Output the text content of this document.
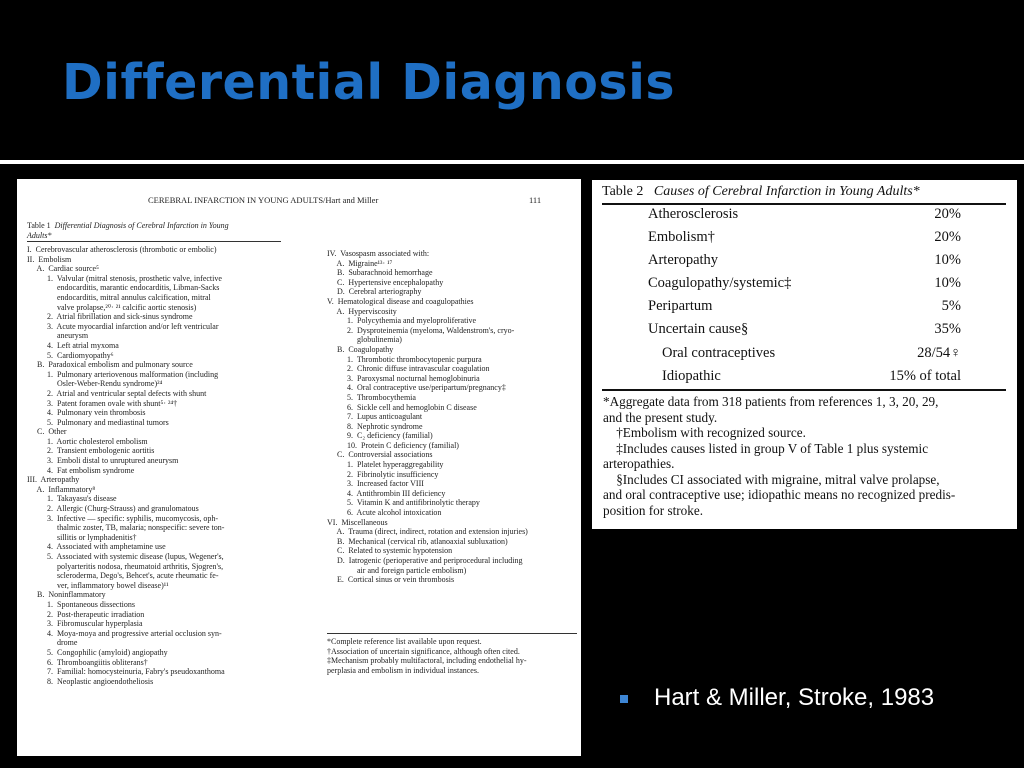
Differential Diagnosis
CEREBRAL INFARCTION IN YOUNG ADULTS/Hart and Miller	111
Table 1 Differential Diagnosis of Cerebral Infarction in Young
Adults*
I.  Cerebrovascular atherosclerosis (thrombotic or embolic)
II.  Embolism
A.  Cardiac source⁵
1.  Valvular (mitral stenosis, prosthetic valve, infective
endocarditis, marantic endocarditis, Libman-Sacks
endocarditis, mitral annulus calcification, mitral
valve prolapse,²⁰· ²¹ calcific aortic stenosis)
2.  Atrial fibrillation and sick-sinus syndrome
3.  Acute myocardial infarction and/or left ventricular
aneurysm
4.  Left atrial myxoma
5.  Cardiomyopathy⁶
B.  Paradoxical embolism and pulmonary source
1.  Pulmonary arteriovenous malformation (including
Osler-Weber-Rendu syndrome)²⁴
2.  Atrial and ventricular septal defects with shunt
3.  Patent foramen ovale with shunt⁵· ²⁴†
4.  Pulmonary vein thrombosis
5.  Pulmonary and mediastinal tumors
C.  Other
1.  Aortic cholesterol embolism
2.  Transient embologenic aortitis
3.  Emboli distal to unruptured aneurysm
4.  Fat embolism syndrome
III.  Arteropathy
A.  Inflammatory⁸
1.  Takayasu's disease
2.  Allergic (Churg-Strauss) and granulomatous
3.  Infective — specific: syphilis, mucomycosis, oph-
thalmic zoster, TB, malaria; nonspecific: severe ton-
sillitis or lymphadenitis†
4.  Associated with amphetamine use
5.  Associated with systemic disease (lupus, Wegener's,
polyarteritis nodosa, rheumatoid arthritis, Sjogren's,
scleroderma, Dego's, Behcet's, acute rheumatic fe-
ver, inflammatory bowel disease)¹¹
B.  Noninflammatory
1.  Spontaneous dissections
2.  Post-therapeutic irradiation
3.  Fibromuscular hyperplasia
4.  Moya-moya and progressive arterial occlusion syn-
drome
5.  Congophilic (amyloid) angiopathy
6.  Thromboangiitis obliterans†
7.  Familial: homocysteinuria, Fabry's pseudoxanthoma
8.  Neoplastic angioendotheliosis
IV.  Vasospasm associated with:
A.  Migraine¹³· ¹⁷
B.  Subarachnoid hemorrhage
C.  Hypertensive encephalopathy
D.  Cerebral arteriography
V.  Hematological disease and coagulopathies
A.  Hyperviscosity
1.  Polycythemia and myeloproliferative
2.  Dysproteinemia (myeloma, Waldenstrom's, cryo-
globulinemia)
B.  Coagulopathy
1.  Thrombotic thrombocytopenic purpura
2.  Chronic diffuse intravascular coagulation
3.  Paroxysmal nocturnal hemoglobinuria
4.  Oral contraceptive use/peripartum/pregnancy‡
5.  Thrombocythemia
6.  Sickle cell and hemoglobin C disease
7.  Lupus anticoagulant
8.  Nephrotic syndrome
9.  C₂ deficiency (familial)
10.  Protein C deficiency (familial)
C.  Controversial associations
1.  Platelet hyperaggregability
2.  Fibrinolytic insufficiency
3.  Increased factor VIII
4.  Antithrombin III deficiency
5.  Vitamin K and antifibrinolytic therapy
6.  Acute alcohol intoxication
VI.  Miscellaneous
A.  Trauma (direct, indirect, rotation and extension injuries)
B.  Mechanical (cervical rib, atlanoaxial subluxation)
C.  Related to systemic hypotension
D.  Iatrogenic (perioperative and periprocedural including
air and foreign particle embolism)
E.  Cortical sinus or vein thrombosis
*Complete reference list available upon request.
†Association of uncertain significance, although often cited.
‡Mechanism probably multifactoral, including endothelial hy-
perplasia and embolism in individual instances.
Table 2 Causes of Cerebral Infarction in Young Adults*
Atherosclerosis	20%
Embolism†	20%
Arteropathy	10%
Coagulopathy/systemic‡	10%
Peripartum	5%
Uncertain cause§	35%
Oral contraceptives	28/54♀
Idiopathic	15% of total
*Aggregate data from 318 patients from references 1, 3, 20, 29,
and the present study.
†Embolism with recognized source.
‡Includes causes listed in group V of Table 1 plus systemic
arteropathies.
§Includes CI associated with migraine, mitral valve prolapse,
and oral contraceptive use; idiopathic means no recognized predis-
position for stroke.
Hart & Miller, Stroke, 1983
